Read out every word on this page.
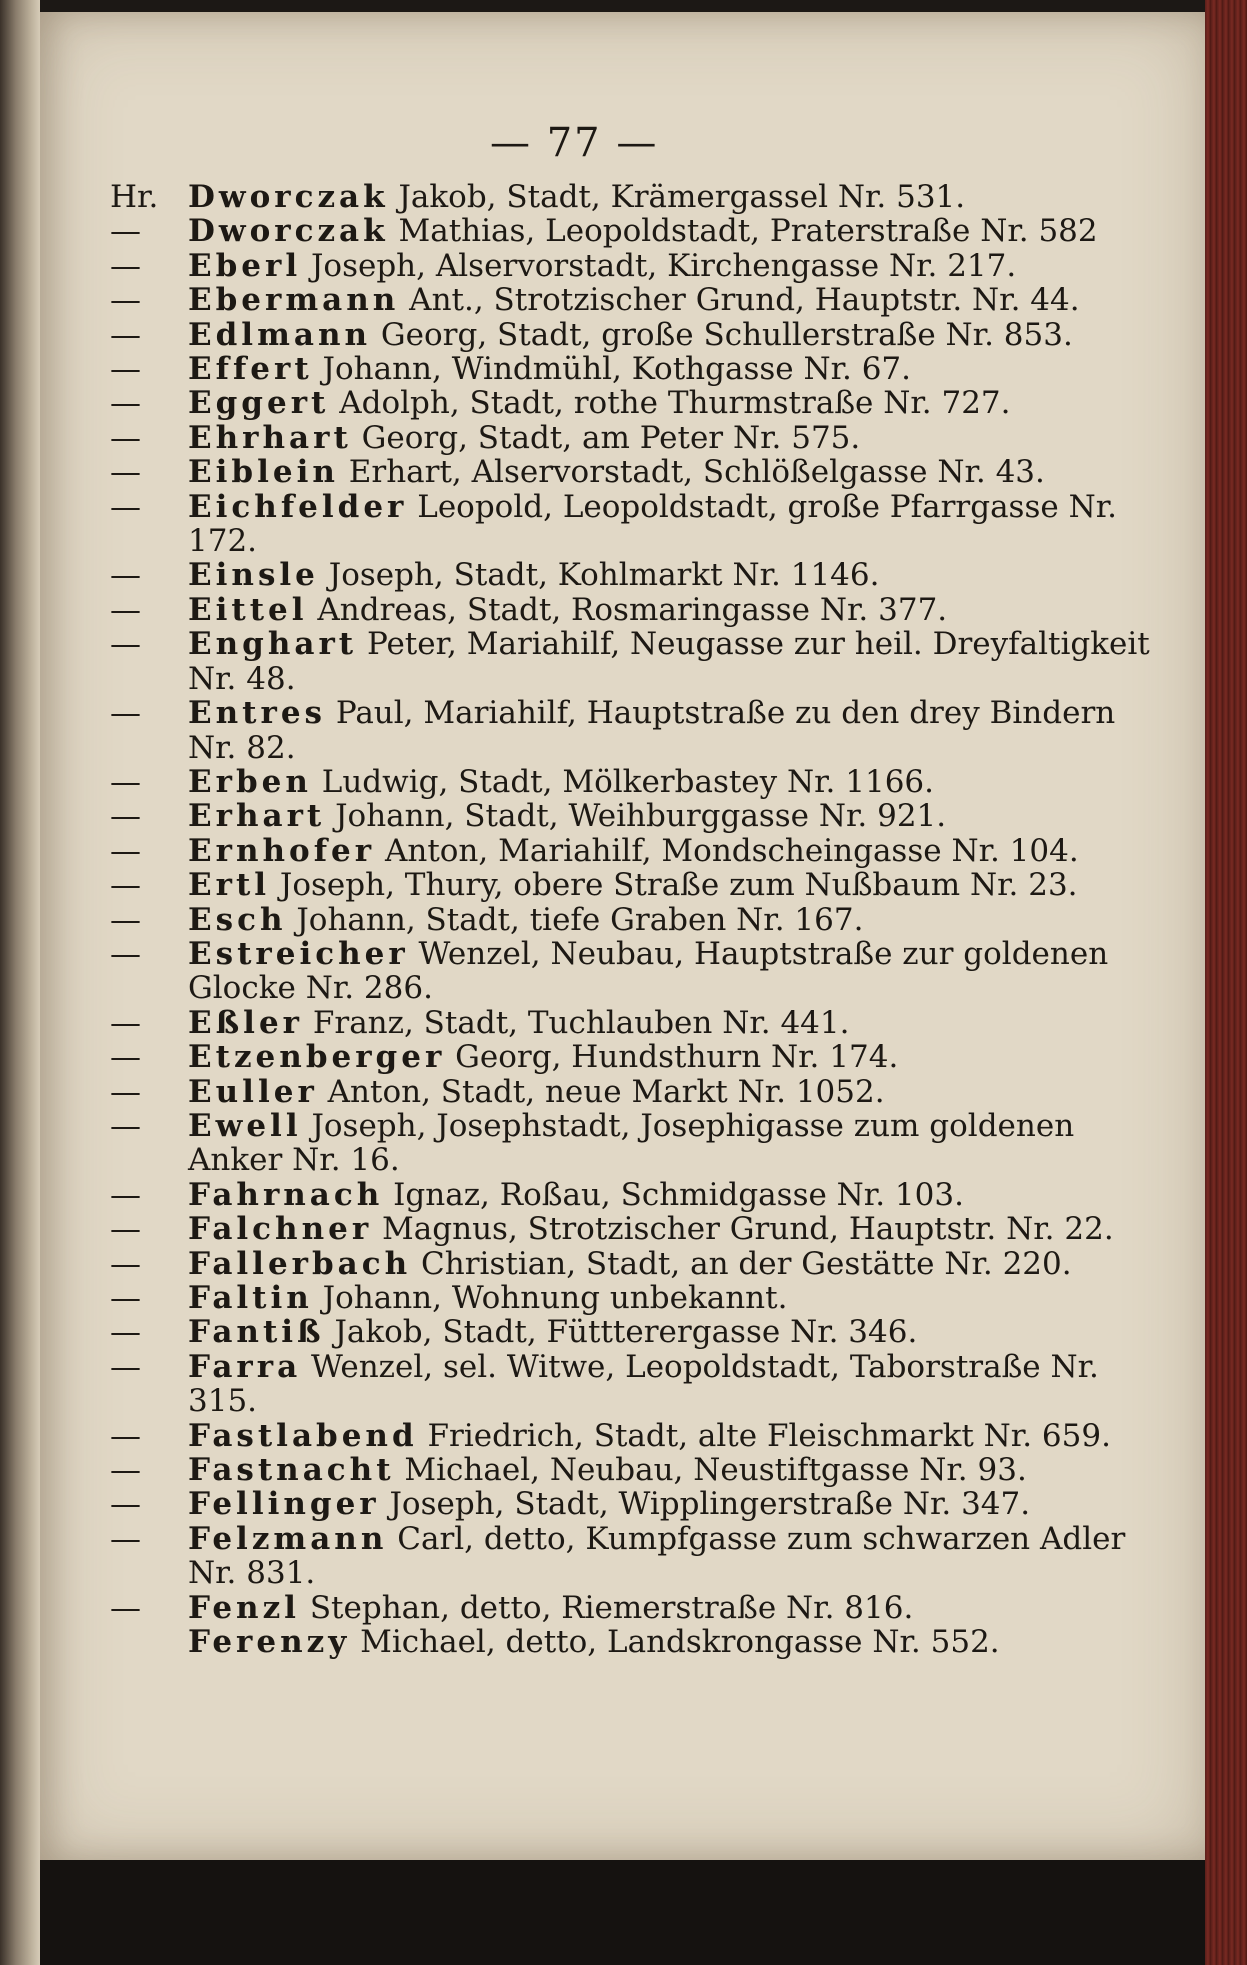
— 77 —

Hr. Dworczak Jakob, Stadt, Krämergassel Nr. 531.

— Dworczak Mathias, Leopoldstadt, Praterstraße Nr. 582

— Eberl Joseph, Alservorstadt, Kirchengasse Nr. 217.

— Ebermann Ant., Strotzischer Grund, Hauptstr. Nr. 44.

— Edlmann Georg, Stadt, große Schullerstraße Nr. 853.

— Effert Johann, Windmühl, Kothgasse Nr. 67.

— Eggert Adolph, Stadt, rothe Thurmstraße Nr. 727.

— Ehrhart Georg, Stadt, am Peter Nr. 575.

— Eiblein Erhart, Alservorstadt, Schlößelgasse Nr. 43.

— Eichfelder Leopold, Leopoldstadt, große Pfarrgasse Nr. 172.

— Einsle Joseph, Stadt, Kohlmarkt Nr. 1146.

— Eittel Andreas, Stadt, Rosmaringasse Nr. 377.

— Enghart Peter, Mariahilf, Neugasse zur heil. Dreyfaltigkeit Nr. 48.

— Entres Paul, Mariahilf, Hauptstraße zu den drey Bindern Nr. 82.

— Erben Ludwig, Stadt, Mölkerbastey Nr. 1166.

— Erhart Johann, Stadt, Weihburggasse Nr. 921.

— Ernhofer Anton, Mariahilf, Mondscheingasse Nr. 104.

— Ertl Joseph, Thury, obere Straße zum Nußbaum Nr. 23.

— Esch Johann, Stadt, tiefe Graben Nr. 167.

— Estreicher Wenzel, Neubau, Hauptstraße zur goldenen Glocke Nr. 286.

— Eßler Franz, Stadt, Tuchlauben Nr. 441.

— Etzenberger Georg, Hundsthurn Nr. 174.

— Euller Anton, Stadt, neue Markt Nr. 1052.

— Ewell Joseph, Josephstadt, Josephigasse zum goldenen Anker Nr. 16.

— Fahrnach Ignaz, Roßau, Schmidgasse Nr. 103.

— Falchner Magnus, Strotzischer Grund, Hauptstr. Nr. 22.

— Fallerbach Christian, Stadt, an der Gestätte Nr. 220.

— Faltin Johann, Wohnung unbekannt.

— Fantiß Jakob, Stadt, Füttterergasse Nr. 346.

— Farra Wenzel, sel. Witwe, Leopoldstadt, Taborstraße Nr. 315.

— Fastlabend Friedrich, Stadt, alte Fleischmarkt Nr. 659.

— Fastnacht Michael, Neubau, Neustiftgasse Nr. 93.

— Fellinger Joseph, Stadt, Wipplingerstraße Nr. 347.

— Felzmann Carl, detto, Kumpfgasse zum schwarzen Adler Nr. 831.

— Fenzl Stephan, detto, Riemerstraße Nr. 816.

Ferenzy Michael, detto, Landskrongasse Nr. 552.
